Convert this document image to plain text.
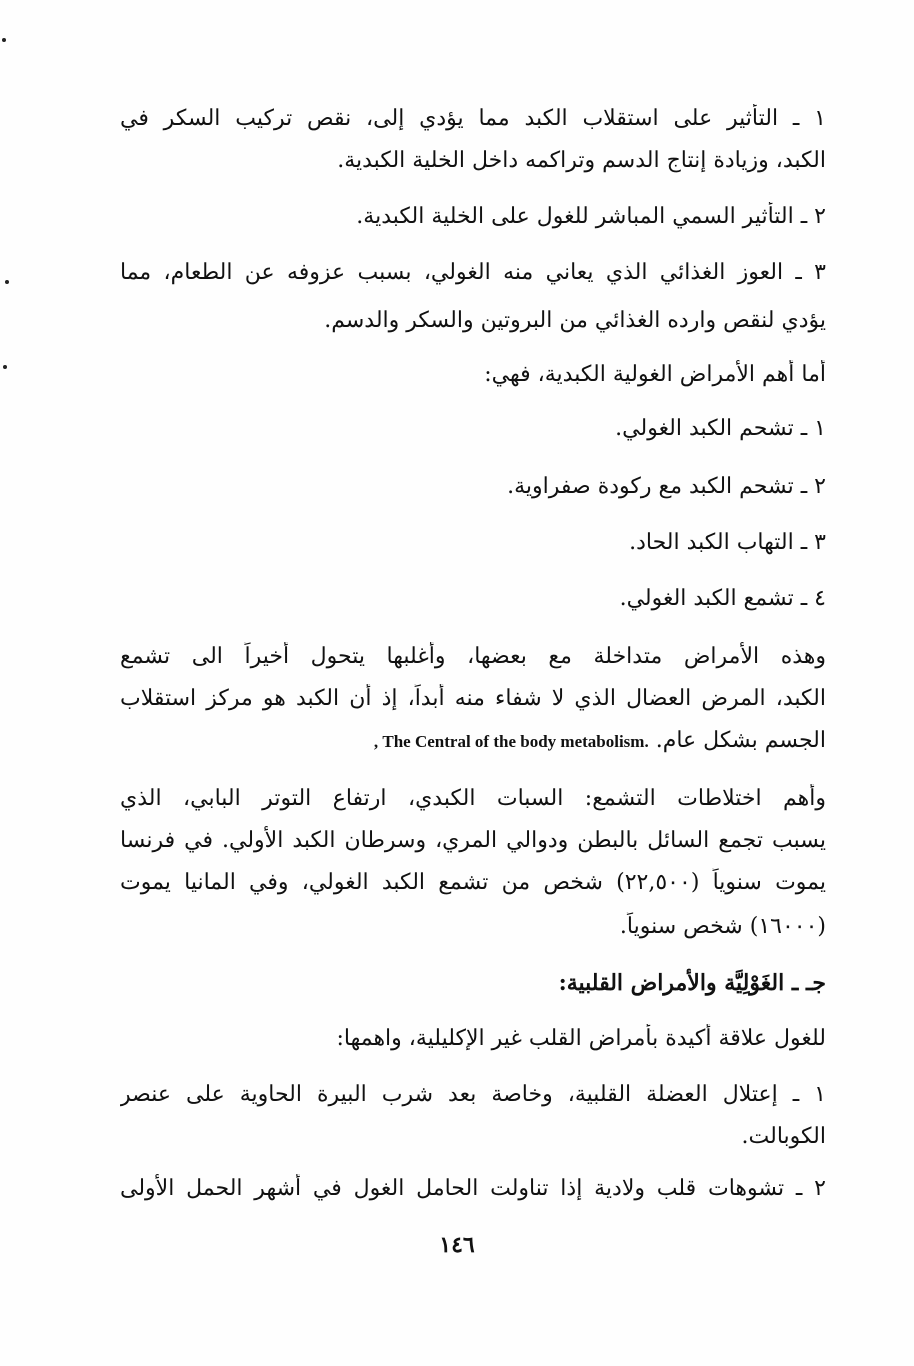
١ ـ التأثير على استقلاب الكبد مما يؤدي إلى، نقص تركيب السكر في
الكبد، وزيادة إنتاج الدسم وتراكمه داخل الخلية الكبدية.
٢ ـ التأثير السمي المباشر للغول على الخلية الكبدية.
٣ ـ العوز الغذائي الذي يعاني منه الغولي، بسبب عزوفه عن الطعام، مما
يؤدي لنقص وارده الغذائي من البروتين والسكر والدسم.
أما أهم الأمراض الغولية الكبدية، فهي:
١ ـ تشحم الكبد الغولي.
٢ ـ تشحم الكبد مع ركودة صفراوية.
٣ ـ التهاب الكبد الحاد.
٤ ـ تشمع الكبد الغولي.
وهذه الأمراض متداخلة مع بعضها، وأغلبها يتحول أخيراً الى تشمع
الكبد، المرض العضال الذي لا شفاء منه أبداً، إذ أن الكبد هو مركز استقلاب
الجسم بشكل عام. , The Central of the body metabolism.
وأهم اختلاطات التشمع: السبات الكبدي، ارتفاع التوتر البابي، الذي
يسبب تجمع السائل بالبطن ودوالي المري، وسرطان الكبد الأولي. في فرنسا
يموت سنوياً (٢٢,٥٠٠) شخص من تشمع الكبد الغولي، وفي المانيا يموت
(١٦٠٠٠) شخص سنوياً.
جـ ـ الغَوْلِيَّة والأمراض القلبية:
للغول علاقة أكيدة بأمراض القلب غير الإكليلية، واهمها:
١ ـ إعتلال العضلة القلبية، وخاصة بعد شرب البيرة الحاوية على عنصر
الكوبالت.
٢ ـ تشوهات قلب ولادية إذا تناولت الحامل الغول في أشهر الحمل الأولى
١٤٦
